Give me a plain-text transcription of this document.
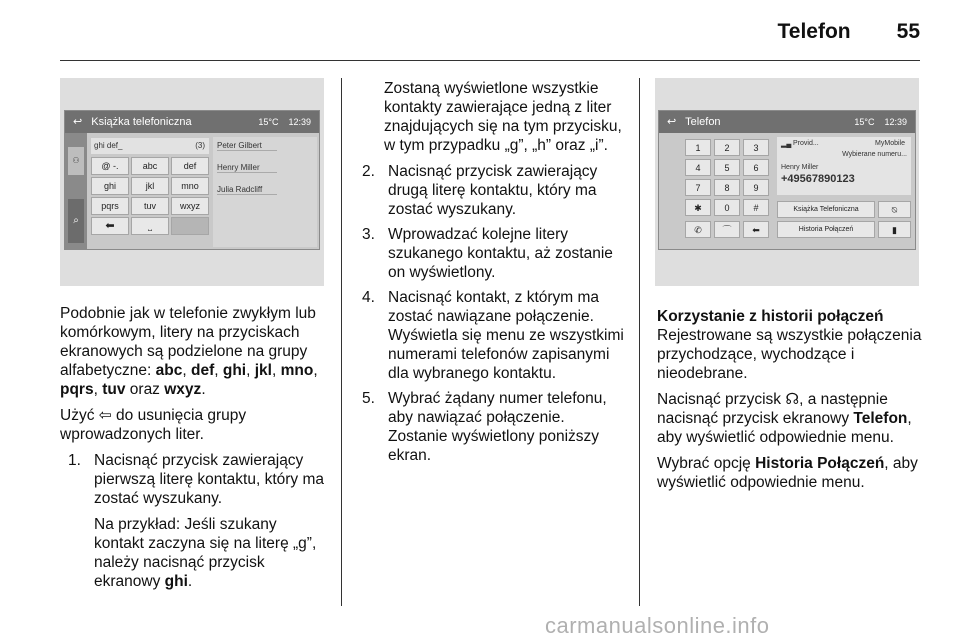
Telefon 55
↩ Książka telefoniczna	15°C 12:39
⚇
⌕
ghi def_	(3)
@ -.	abc	def
ghi	jkl	mno
pqrs	tuv	wxyz
⬅	⎵
Peter Gilbert
Henry Miller
Julia Radcliff

Podobnie jak w telefonie zwykłym lub komórkowym, litery na przyciskach ekranowych są podzielone na grupy alfabetyczne: abc, def, ghi, jkl, mno, pqrs, tuv oraz wxyz.

Użyć ⇦ do usunięcia grupy wprowadzonych liter.

1. Nacisnąć przycisk zawierający pierwszą literę kontaktu, który ma zostać wyszukany.

Na przykład: Jeśli szukany kontakt zaczyna się na literę „g”, należy nacisnąć przycisk ekranowy ghi.

Zostaną wyświetlone wszystkie kontakty zawierające jedną z liter znajdujących się na tym przycisku, w tym przypadku „g”, „h” oraz „i”.

2. Nacisnąć przycisk zawierający drugą literę kontaktu, który ma zostać wyszukany.
3. Wprowadzać kolejne litery szukanego kontaktu, aż zostanie on wyświetlony.
4. Nacisnąć kontakt, z którym ma zostać nawiązane połączenie. Wyświetla się menu ze wszystkimi numerami telefonów zapisanymi dla wybranego kontaktu.
5. Wybrać żądany numer telefonu, aby nawiązać połączenie. Zostanie wyświetlony poniższy ekran.
↩ Telefon	15°C 12:39
1	2	3
4	5	6
7	8	9
✱	0	#
✆	⌒	⬅
▂▄ Provid...	MyMobile
Wybierane numeru...
Henry Miller
+49567890123
Książka Telefoniczna	⍉
Historia Połączeń	▮

Korzystanie z historii połączeń

Rejestrowane są wszystkie połączenia przychodzące, wychodzące i nieodebrane.

Nacisnąć przycisk ☊, a następnie nacisnąć przycisk ekranowy Telefon, aby wyświetlić odpowiednie menu.

Wybrać opcję Historia Połączeń, aby wyświetlić odpowiednie menu.

carmanualsonline.info
